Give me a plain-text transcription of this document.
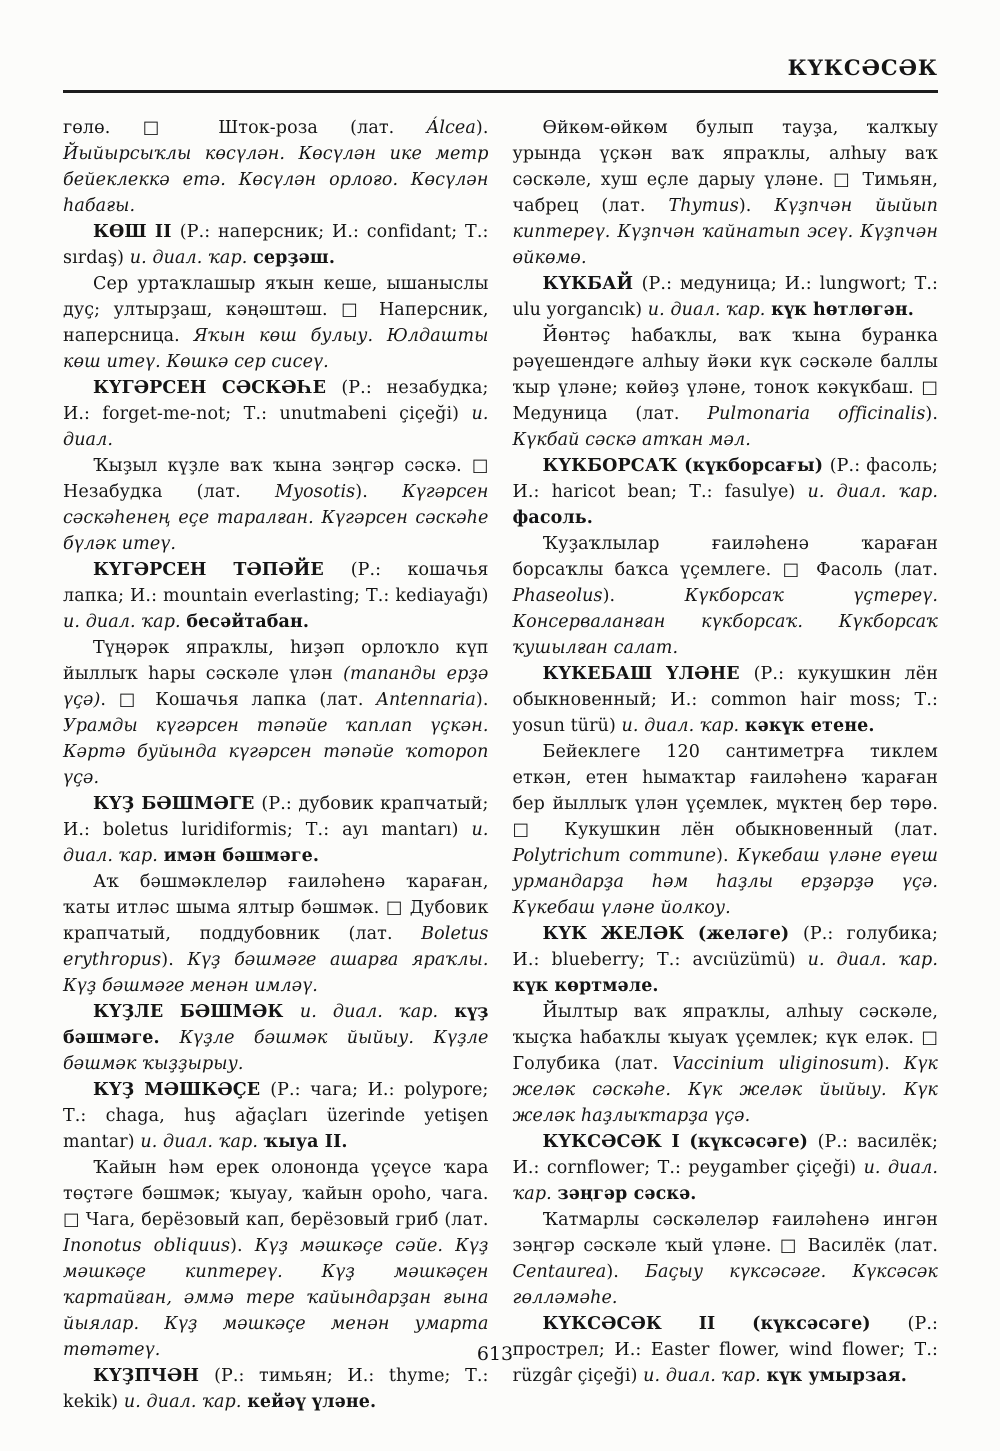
КҮКСӘСӘК

гөлө. □ Шток-роза (лат. Álcea). Йыйырсыҡлы көсүлән. Көсүлән ике метр бейеклеккә етә. Көсүлән орлоғо. Көсүлән һабағы.

КӨШ II (Р.: наперсник; И.: confidant; Т.: sırdaş) и. диал. ҡар. серҙәш.

Сер уртаҡлашыр яҡын кеше, ышаныслы дуҫ; ултырҙаш, кәңәштәш. □ Наперсник, наперсница. Яҡын көш булыу. Юлдашты көш итеү. Көшкә сер сисеү.

КҮГӘРСЕН СӘСКӘҺЕ (Р.: незабудка; И.: forget-me-not; Т.: unutmabeni çiçeği) и. диал.

Ҡыҙыл күҙле ваҡ ҡына зәңгәр сәскә. □ Незабудка (лат. Myosotis). Күгәрсен сәскәһенең еҫе таралған. Күгәрсен сәскәһе бүләк итеү.

КҮГӘРСЕН ТӘПӘЙЕ (Р.: кошачья лапка; И.: mountain everlasting; Т.: kediayağı) и. диал. ҡар. бесәйтабан.

Түңәрәк япраҡлы, һиҙәп орлоҡло күп йыллыҡ һары сәскәле үлән (тапанды ерҙә үҫә). □ Кошачья лапка (лат. Antennaria). Урамды күгәрсен тәпәйе ҡаплап үҫкән. Кәртә буйында күгәрсен тәпәйе ҡотороп үҫә.

КҮҘ БӘШМӘГЕ (Р.: дубовик крапчатый; И.: boletus luridiformis; Т.: ayı mantarı) и. диал. ҡар. имән бәшмәге.

Аҡ бәшмәклеләр ғаиләһенә ҡараған, ҡаты итләс шыма ялтыр бәшмәк. □ Дубовик крапчатый, поддубовник (лат. Boletus erythropus). Күҙ бәшмәге ашарға яраҡлы. Күҙ бәшмәге менән имләү.

КҮҘЛЕ БӘШМӘК и. диал. ҡар. күҙ бәшмәге. Күҙле бәшмәк йыйыу. Күҙле бәшмәк ҡыҙҙырыу.

КҮҘ МӘШКӘҪЕ (Р.: чага; И.: polypore; Т.: chaga, huş ağaçları üzerinde yetişen mantar) и. диал. ҡар. ҡыуа II.

Ҡайын һәм ерек олононда үҫеүсе ҡара төҫтәге бәшмәк; ҡыуау, ҡайын ороһо, чага. □ Чага, берёзовый кап, берёзовый гриб (лат. Inonotus obliquus). Күҙ мәшкәҫе сәйе. Күҙ мәшкәҫе киптереү. Күҙ мәшкәҫен ҡартайған, әммә тере ҡайындарҙан ғына йыялар. Күҙ мәшкәҫе менән умарта төтәтеү.

КҮҘПЧӘН (Р.: тимьян; И.: thyme; Т.: kekik) и. диал. ҡар. кейәү үләне.

Өйкөм-өйкөм булып тауҙа, ҡалҡыу урында үҫкән ваҡ япраҡлы, алһыу ваҡ сәскәле, хуш еҫле дарыу үләне. □ Тимьян, чабрец (лат. Thymus). Күҙпчән йыйып киптереү. Күҙпчән ҡайнатып эсеү. Күҙпчән өйкөмө.

КҮКБАЙ (Р.: медуница; И.: lungwort; Т.: ulu yorgancık) и. диал. ҡар. күк һөтлөгән.

Йөнтәҫ һабаҡлы, ваҡ ҡына буранка рәүешендәге алһыу йәки күк сәскәле баллы ҡыр үләне; көйөҙ үләне, тоноҡ кәкүкбаш. □ Медуница (лат. Pulmonaria officinalis). Күкбай сәскә атҡан мәл.

КҮКБОРСАҠ (күкборсағы) (Р.: фасоль; И.: haricot bean; Т.: fasulye) и. диал. ҡар. фасоль.

Ҡуҙаҡлылар ғаиләһенә ҡараған борсаҡлы баҡса үҫемлеге. □ Фасоль (лат. Phaseolus). Күкборсаҡ үҫтереү. Консерваланған күкборсаҡ. Күкборсаҡ ҡушылған салат.

КҮКЕБАШ ҮЛӘНЕ (Р.: кукушкин лён обыкновенный; И.: common hair moss; Т.: yosun türü) и. диал. ҡар. кәкүк етене.

Бейеклеге 120 сантиметрға тиклем еткән, етен һымаҡтар ғаиләһенә ҡараған бер йыллыҡ үлән үҫемлек, мүктең бер төрө. □ Кукушкин лён обыкновенный (лат. Polytrichum commune). Күкебаш үләне еүеш урмандарҙа һәм һаҙлы ерҙәрҙә үҫә. Күкебаш үләне йолкоу.

КҮК ЖЕЛӘК (желәге) (Р.: голубика; И.: blueberry; Т.: avcıüzümü) и. диал. ҡар. күк көртмәле.

Йылтыр ваҡ япраҡлы, алһыу сәскәле, ҡыҫҡа һабаҡлы ҡыуаҡ үҫемлек; күк еләк. □ Голубика (лат. Vaccinium uliginosum). Күк желәк сәскәһе. Күк желәк йыйыу. Күк желәк һаҙлыҡтарҙа үҫә.

КҮКСӘСӘК I (күксәсәге) (Р.: василёк; И.: cornflower; Т.: peygamber çiçeği) и. диал. ҡар. зәңгәр сәскә.

Ҡатмарлы сәскәлеләр ғаиләһенә ингән зәңгәр сәскәле ҡый үләне. □ Василёк (лат. Centaurea). Баҫыу күксәсәге. Күксәсәк гөлләмәһе.

КҮКСӘСӘК II (күксәсәге) (Р.: прострел; И.: Easter flower, wind flower; Т.: rüzgâr çiçeği) и. диал. ҡар. күк умырзая.

613
